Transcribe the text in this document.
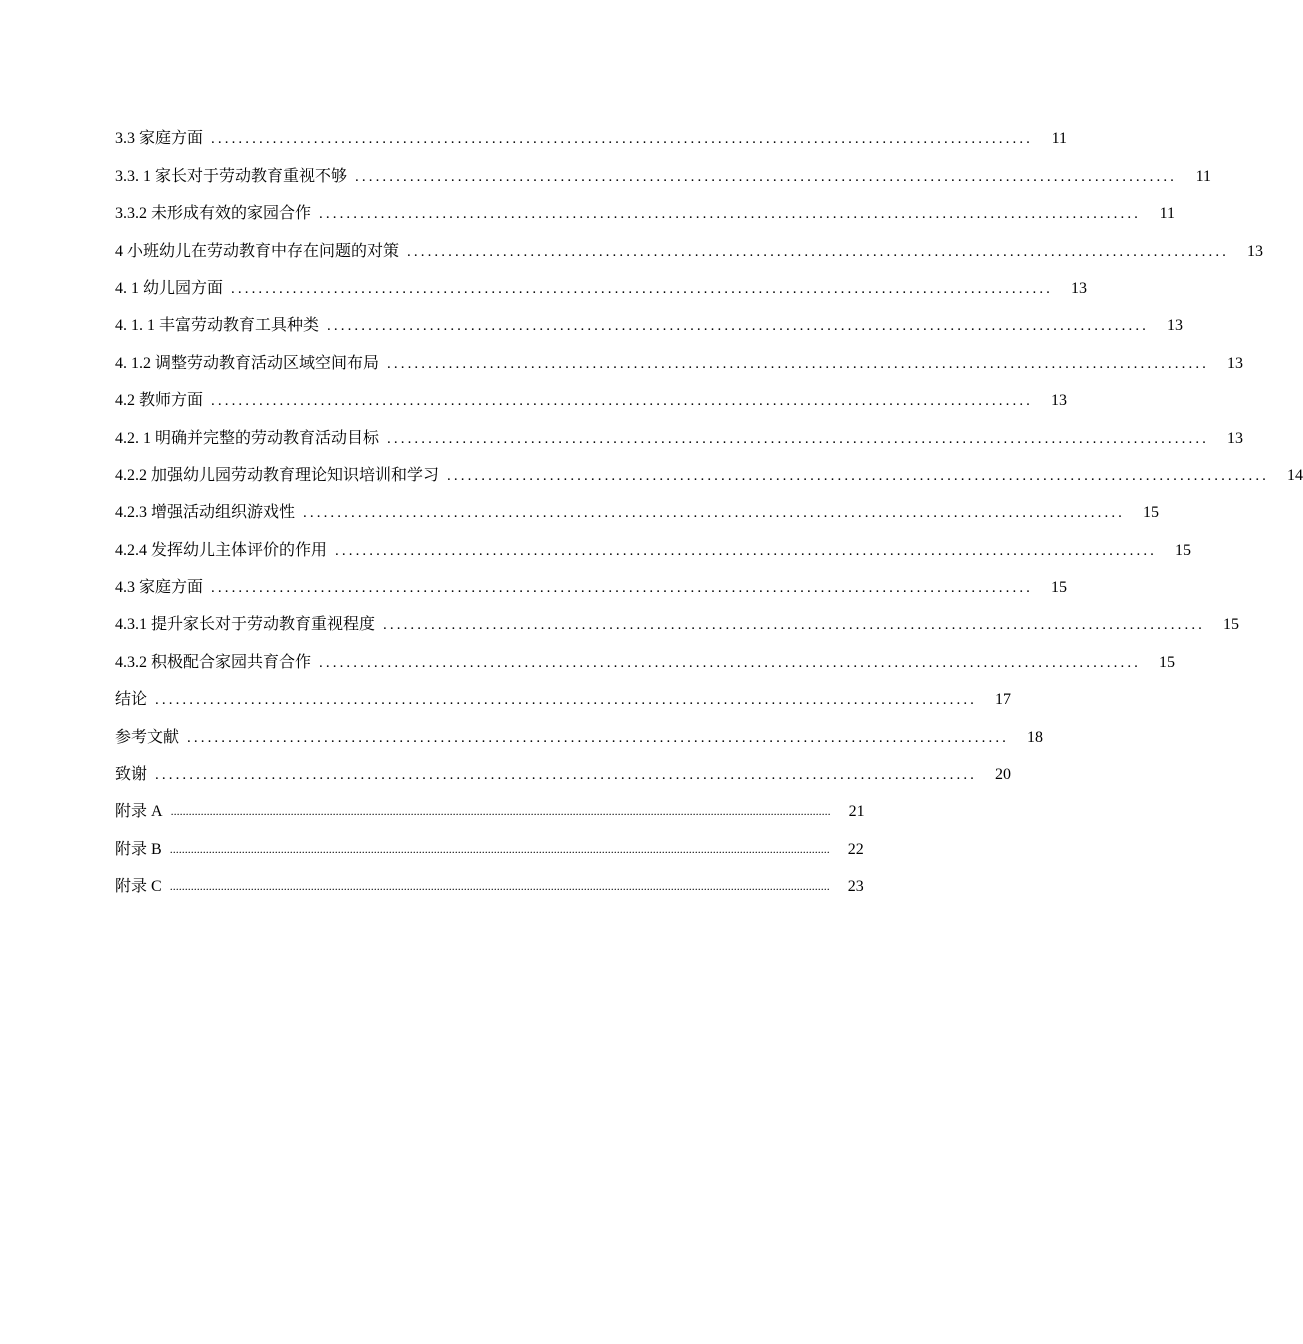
3.3 家庭方面 ........................................................................................................................	11
3.3. 1 家长对于劳动教育重视不够 ........................................................................................................................	11
3.3.2 未形成有效的家园合作 ........................................................................................................................	11
4 小班幼儿在劳动教育中存在问题的对策 ........................................................................................................................	13
4. 1 幼儿园方面 ........................................................................................................................	13
4. 1. 1 丰富劳动教育工具种类 ........................................................................................................................	13
4. 1.2 调整劳动教育活动区域空间布局 ........................................................................................................................	13
4.2 教师方面 ........................................................................................................................	13
4.2. 1 明确并完整的劳动教育活动目标 ........................................................................................................................	13
4.2.2 加强幼儿园劳动教育理论知识培训和学习 ........................................................................................................................	14
4.2.3 增强活动组织游戏性 ........................................................................................................................	15
4.2.4 发挥幼儿主体评价的作用 ........................................................................................................................	15
4.3 家庭方面 ........................................................................................................................	15
4.3.1 提升家长对于劳动教育重视程度 ........................................................................................................................	15
4.3.2 积极配合家园共育合作 ........................................................................................................................	15
结论 ........................................................................................................................	17
参考文献 ........................................................................................................................	18
致谢 ........................................................................................................................	20
附录 A ............................................................................................................................................................................................................................	21
附录 B ............................................................................................................................................................................................................................	22
附录 C ............................................................................................................................................................................................................................	23
